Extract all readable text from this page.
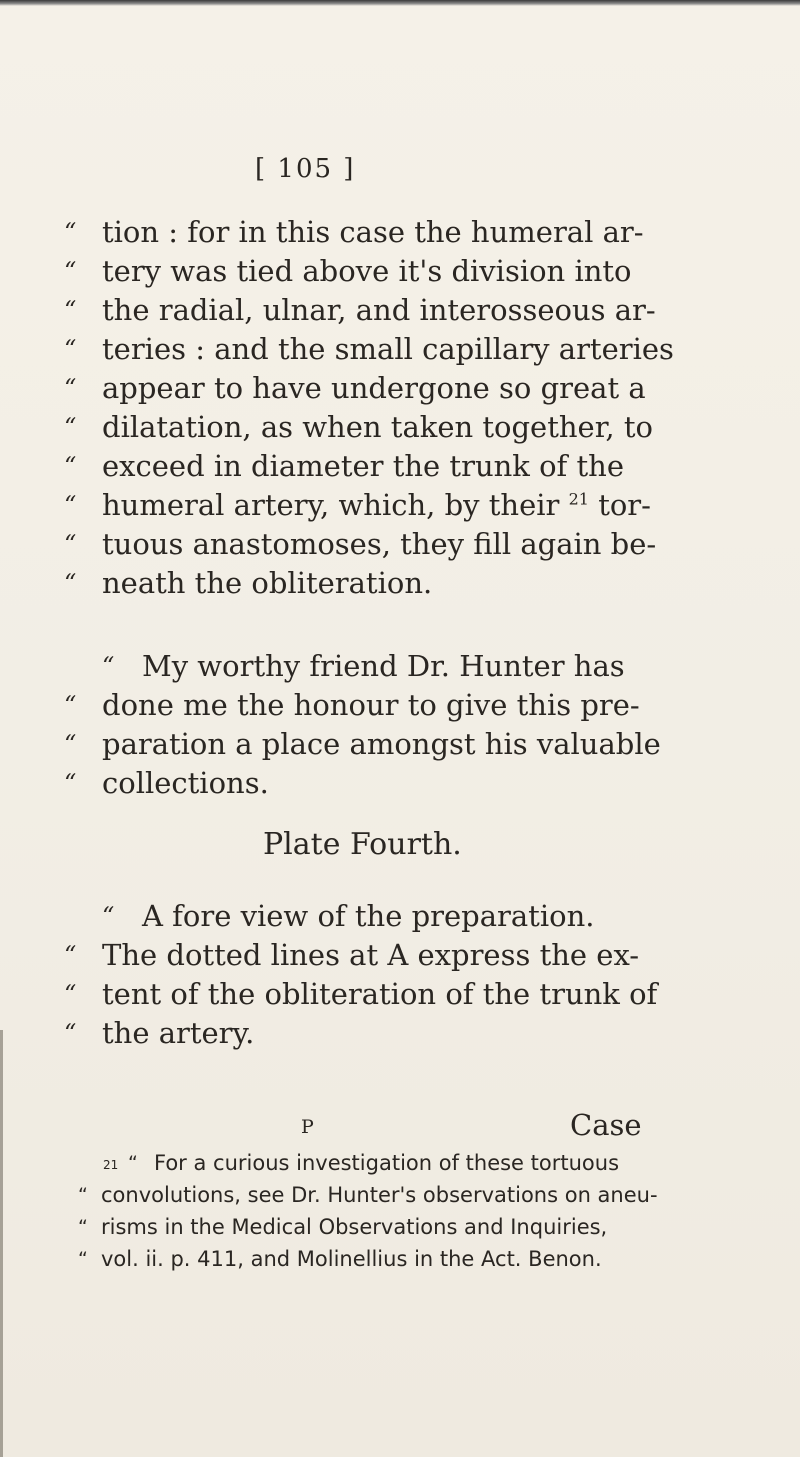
[ 105 ]
“ tion : for in this case the humeral ar-
“ tery was tied above it's division into
“ the radial, ulnar, and interosseous ar-
“ teries : and the small capillary arteries
“ appear to have undergone so great a
“ dilatation, as when taken together, to
“ exceed in diameter the trunk of the
“ humeral artery, which, by their $^{21}$ tor-
“ tuous anastomoses, they fill again be-
“ neath the obliteration.
“ My worthy friend Dr. Hunter has
“ done me the honour to give this pre-
“ paration a place amongst his valuable
“ collections.
Plate Fourth.
“ A fore view of the preparation.
“ The dotted lines at A express the ex-
“ tent of the obliteration of the trunk of
“ the artery.
P	Case
21 “ For a curious investigation of these tortuous
“ convolutions, see Dr. Hunter's observations on aneu-
“ risms in the Medical Observations and Inquiries,
“ vol. ii. p. 411, and Molinellius in the Act. Benon.
